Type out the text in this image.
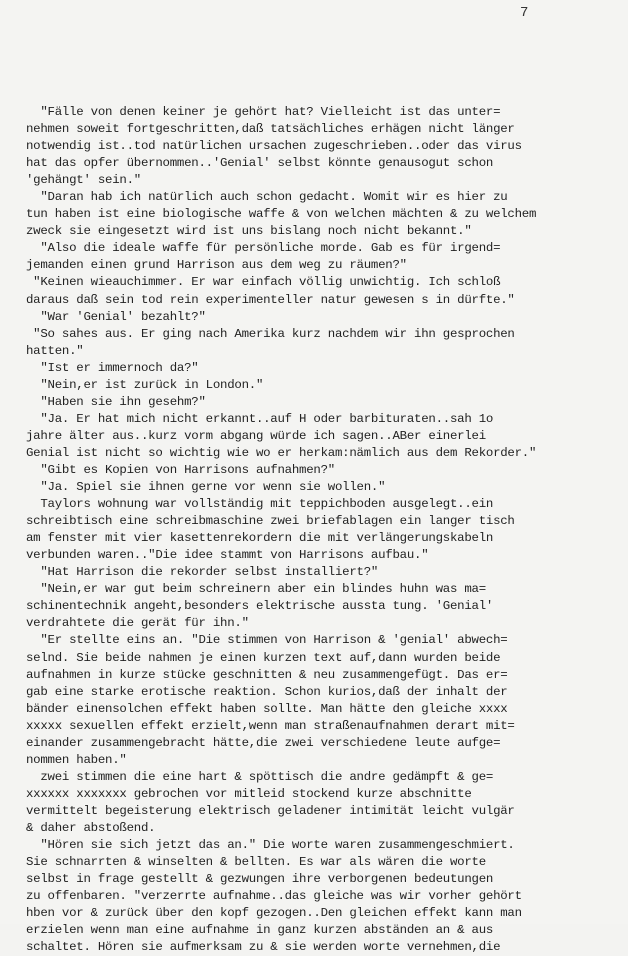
7
"Fälle von denen keiner je gehört hat? Vielleicht ist das unter=
nehmen soweit fortgeschritten,daß tatsächliches erhägen nicht länger
notwendig ist..tod natürlichen ursachen zugeschrieben..oder das virus
hat das opfer übernommen..'Genial' selbst könnte genausogut schon
'gehängt' sein."
"Daran hab ich natürlich auch schon gedacht. Womit wir es hier zu
tun haben ist eine biologische waffe & von welchen mächten & zu welchem
zweck sie eingesetzt wird ist uns bislang noch nicht bekannt."
"Also die ideale waffe für persönliche morde. Gab es für irgend=
jemanden einen grund Harrison aus dem weg zu räumen?"
"Keinen wieauchimmer. Er war einfach völlig unwichtig. Ich schloß
daraus daß sein tod rein experimenteller natur gewesen s in dürfte."
"War 'Genial' bezahlt?"
"So sahes aus. Er ging nach Amerika kurz nachdem wir ihn gesprochen
hatten."
"Ist er immernoch da?"
"Nein,er ist zurück in London."
"Haben sie ihn gesehm?"
"Ja. Er hat mich nicht erkannt..auf H oder barbituraten..sah 1o
jahre älter aus..kurz vorm abgang würde ich sagen..ABer einerlei
Genial ist nicht so wichtig wie wo er herkam:nämlich aus dem Rekorder."
"Gibt es Kopien von Harrisons aufnahmen?"
"Ja. Spiel sie ihnen gerne vor wenn sie wollen."
Taylors wohnung war vollständig mit teppichboden ausgelegt..ein
schreibtisch eine schreibmaschine zwei briefablagen ein langer tisch
am fenster mit vier kasettenrekordern die mit verlängerungskabeln
verbunden waren.."Die idee stammt von Harrisons aufbau."
"Hat Harrison die rekorder selbst installiert?"
"Nein,er war gut beim schreinern aber ein blindes huhn was ma=
schinentechnik angeht,besonders elektrische aussta tung. 'Genial'
verdrahtete die gerät für ihn."
"Er stellte eins an. "Die stimmen von Harrison & 'genial' abwech=
selnd. Sie beide nahmen je einen kurzen text auf,dann wurden beide
aufnahmen in kurze stücke geschnitten & neu zusammengefügt. Das er=
gab eine starke erotische reaktion. Schon kurios,daß der inhalt der
bänder einensolchen effekt haben sollte. Man hätte den gleiche xxxx
xxxxx sexuellen effekt erzielt,wenn man straßenaufnahmen derart mit=
einander zusammengebracht hätte,die zwei verschiedene leute aufge=
nommen haben."
zwei stimmen die eine hart & spöttisch die andre gedämpft & ge=
xxxxxx xxxxxxx gebrochen vor mitleid stockend kurze abschnitte
vermittelt begeisterung elektrisch geladener intimität leicht vulgär
& daher abstoßend.
"Hören sie sich jetzt das an." Die worte waren zusammengeschmiert.
Sie schnarrten & winselten & bellten. Es war als wären die worte
selbst in frage gestellt & gezwungen ihre verborgenen bedeutungen
zu offenbaren. "verzerrte aufnahme..das gleiche was wir vorher gehört
hben vor & zurück über den kopf gezogen..Den gleichen effekt kann man
erzielen wenn man eine aufnahme in ganz kurzen abständen an & aus
schaltet. Hören sie aufmerksam zu & sie werden worte vernehmen,die
